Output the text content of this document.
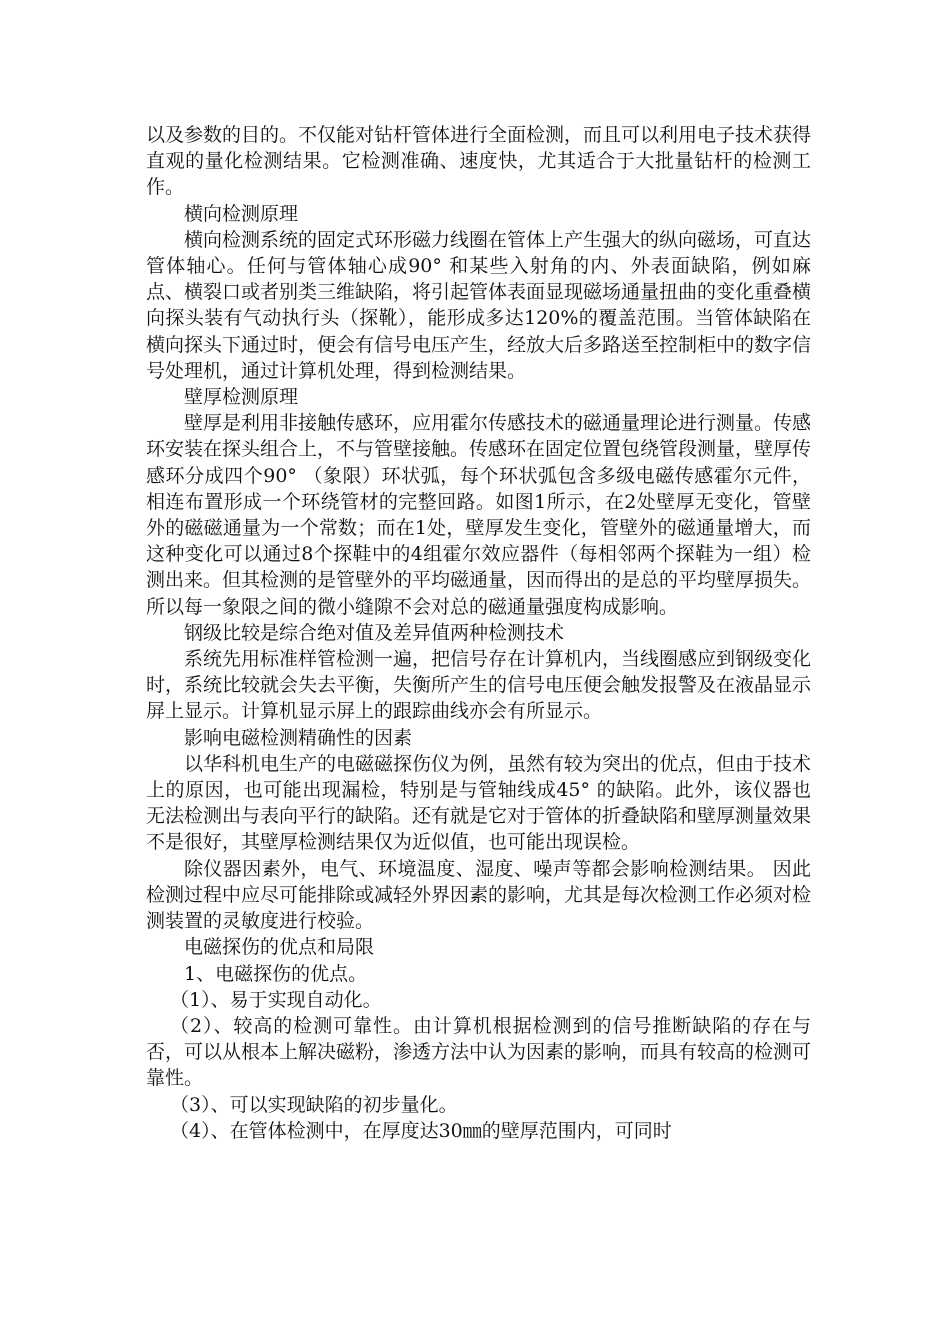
以及参数的目的。不仅能对钻杆管体进行全面检测，而且可以利用电子技术获得直观的量化检测结果。它检测准确、速度快，尤其适合于大批量钻杆的检测工作。

横向检测原理

横向检测系统的固定式环形磁力线圈在管体上产生强大的纵向磁场，可直达管体轴心。任何与管体轴心成90° 和某些入射角的内、外表面缺陷，例如麻点、横裂口或者别类三维缺陷，将引起管体表面显现磁场通量扭曲的变化重叠横向探头装有气动执行头（探靴），能形成多达120%的覆盖范围。当管体缺陷在横向探头下通过时，便会有信号电压产生，经放大后多路送至控制柜中的数字信号处理机，通过计算机处理，得到检测结果。

壁厚检测原理

壁厚是利用非接触传感环，应用霍尔传感技术的磁通量理论进行测量。传感环安装在探头组合上，不与管壁接触。传感环在固定位置包绕管段测量，壁厚传感环分成四个90° （象限）环状弧，每个环状弧包含多级电磁传感霍尔元件，相连布置形成一个环绕管材的完整回路。如图1所示，在2处壁厚无变化，管壁外的磁磁通量为一个常数；而在1处，壁厚发生变化，管壁外的磁通量增大，而这种变化可以通过8个探鞋中的4组霍尔效应器件（每相邻两个探鞋为一组）检测出来。但其检测的是管壁外的平均磁通量，因而得出的是总的平均壁厚损失。所以每一象限之间的微小缝隙不会对总的磁通量强度构成影响。

钢级比较是综合绝对值及差异值两种检测技术

系统先用标准样管检测一遍，把信号存在计算机内，当线圈感应到钢级变化时，系统比较就会失去平衡，失衡所产生的信号电压便会触发报警及在液晶显示屏上显示。计算机显示屏上的跟踪曲线亦会有所显示。

影响电磁检测精确性的因素

以华科机电生产的电磁磁探伤仪为例，虽然有较为突出的优点，但由于技术上的原因，也可能出现漏检，特别是与管轴线成45° 的缺陷。此外，该仪器也无法检测出与表向平行的缺陷。还有就是它对于管体的折叠缺陷和壁厚测量效果不是很好，其壁厚检测结果仅为近似值，也可能出现误检。

除仪器因素外，电气、环境温度、湿度、噪声等都会影响检测结果。 因此检测过程中应尽可能排除或减轻外界因素的影响，尤其是每次检测工作必须对检测装置的灵敏度进行校验。

电磁探伤的优点和局限

1、电磁探伤的优点。

（1）、易于实现自动化。

（2）、较高的检测可靠性。由计算机根据检测到的信号推断缺陷的存在与否，可以从根本上解决磁粉，渗透方法中认为因素的影响，而具有较高的检测可靠性。

（3）、可以实现缺陷的初步量化。

（4）、在管体检测中，在厚度达30㎜的壁厚范围内，可同时
